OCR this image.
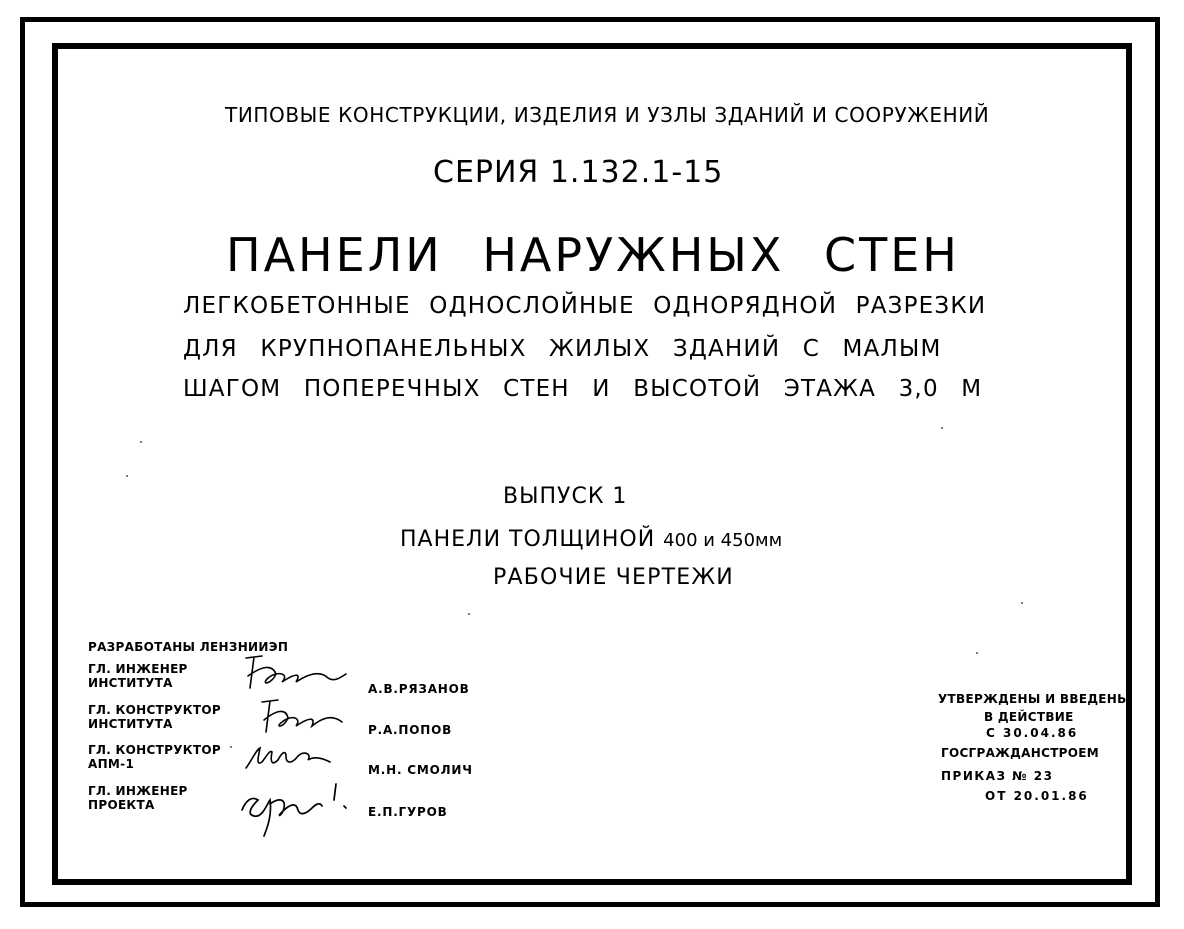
ТИПОВЫЕ КОНСТРУКЦИИ, ИЗДЕЛИЯ И УЗЛЫ ЗДАНИЙ И СООРУЖЕНИЙ
СЕРИЯ 1.132.1-15
ПАНЕЛИ НАРУЖНЫХ СТЕН
ЛЕГКОБЕТОННЫЕ ОДНОСЛОЙНЫЕ ОДНОРЯДНОЙ РАЗРЕЗКИ
ДЛЯ КРУПНОПАНЕЛЬНЫХ ЖИЛЫХ ЗДАНИЙ С МАЛЫМ
ШАГОМ ПОПЕРЕЧНЫХ СТЕН И ВЫСОТОЙ ЭТАЖА 3,0 М
ВЫПУСК 1
ПАНЕЛИ ТОЛЩИНОЙ 400 и 450мм
РАБОЧИЕ ЧЕРТЕЖИ
РАЗРАБОТАНЫ ЛЕНЗНИИЭП
ГЛ. ИНЖЕНЕР
ИНСТИТУТА	А.В.РЯЗАНОВ
ГЛ. КОНСТРУКТОР
ИНСТИТУТА	Р.А.ПОПОВ
ГЛ. КОНСТРУКТОР
АПМ-1	М.Н. СМОЛИЧ
ГЛ. ИНЖЕНЕР
ПРОЕКТА	Е.П.ГУРОВ
УТВЕРЖДЕНЫ И ВВЕДЕНЫ
В ДЕЙСТВИЕ
С 30.04.86
ГОСГРАЖДАНСТРОЕМ
ПРИКАЗ № 23
ОТ 20.01.86
